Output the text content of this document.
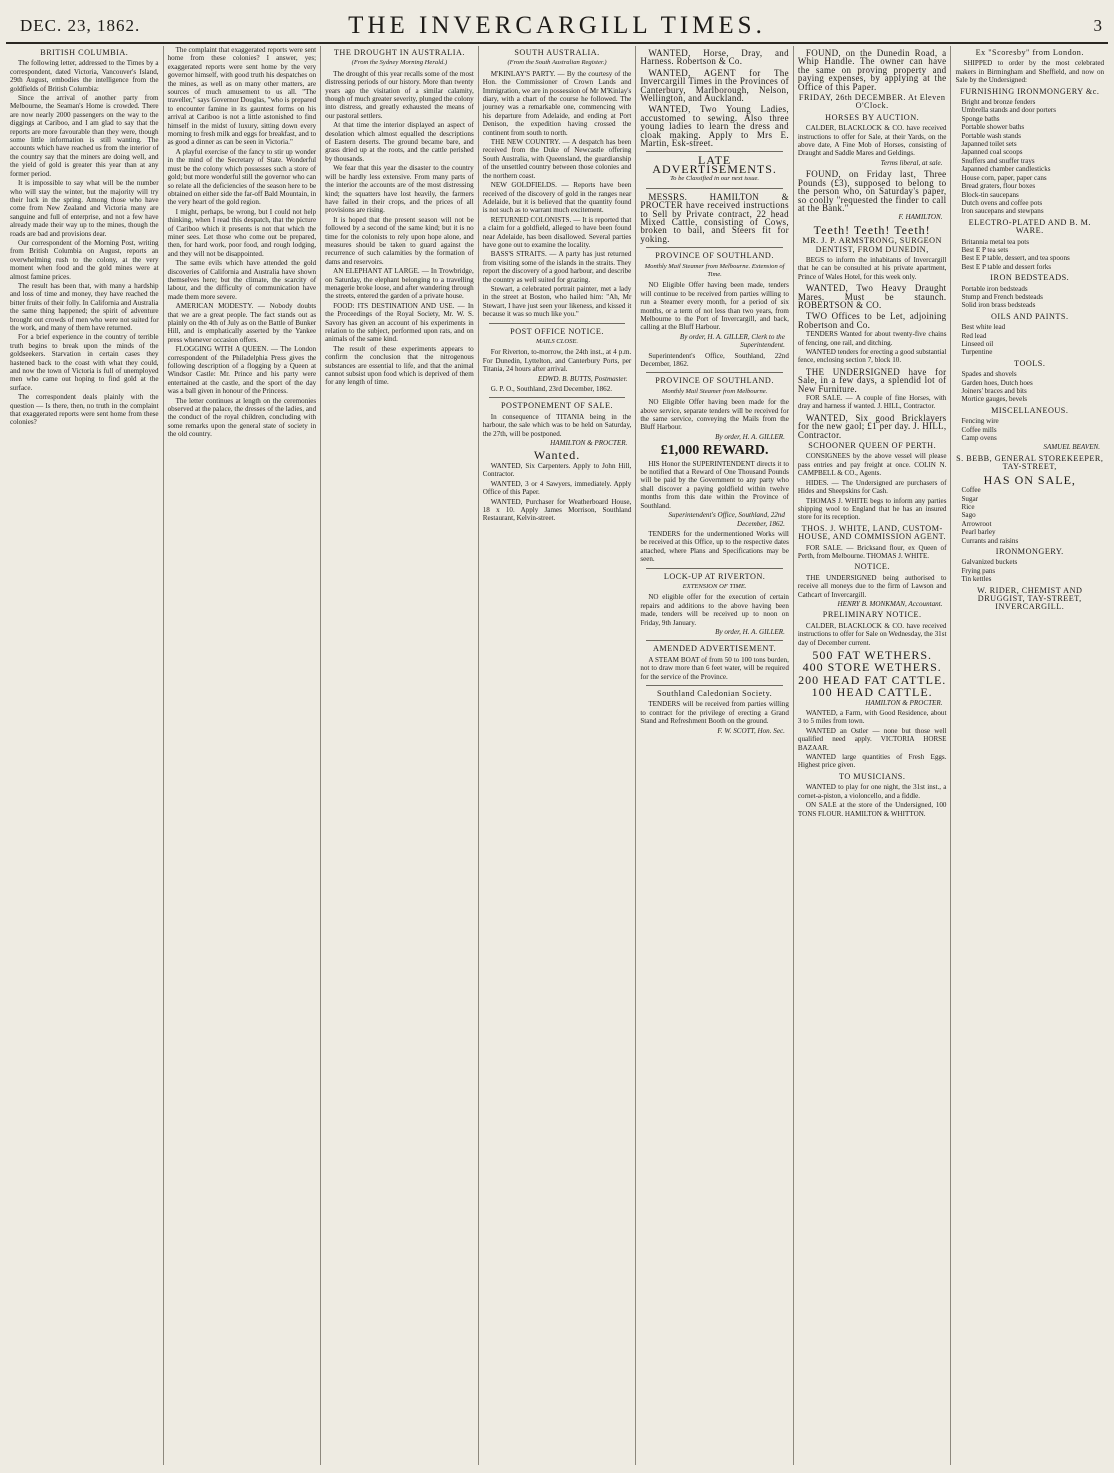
DEC. 23, 1862.	THE INVERCARGILL TIMES.	3
BRITISH COLUMBIA.
The following letter, addressed to the Times by a correspondent, dated Victoria, Vancouver's Island, 29th August, embodies the intelligence from the goldfields of British Columbia:
Since the arrival of another party from Melbourne, the Seaman's Home is crowded. There are now nearly 2000 passengers on the way to the diggings at Cariboo, and I am glad to say that the reports are more favourable than they were, though some little information is still wanting. The accounts which have reached us from the interior of the country say that the miners are doing well, and the yield of gold is greater this year than at any former period.
It is impossible to say what will be the number who will stay the winter, but the majority will try their luck in the spring. Among those who have come from New Zealand and Victoria many are sanguine and full of enterprise, and not a few have already made their way up to the mines, though the roads are bad and provisions dear.
Our correspondent of the Morning Post, writing from British Columbia on August, reports an overwhelming rush to the colony, at the very moment when food and the gold mines were at almost famine prices.
The result has been that, with many a hardship and loss of time and money, they have reached the bitter fruits of their folly. In California and Australia the same thing happened; the spirit of adventure brought out crowds of men who were not suited for the work, and many of them have returned.
For a brief experience in the country of terrible truth begins to break upon the minds of the goldseekers. Starvation in certain cases they hastened back to the coast with what they could, and now the town of Victoria is full of unemployed men who came out hoping to find gold at the surface.
The correspondent deals plainly with the question — Is there, then, no truth in the complaint that exaggerated reports were sent home from these colonies?
The complaint that exaggerated reports were sent home from these colonies? I answer, yes; exaggerated reports were sent home by the very governor himself, with good truth his despatches on the mines, as well as on many other matters, are sources of much amusement to us all. "The traveller," says Governor Douglas, "who is prepared to encounter famine in its gauntest forms on his arrival at Cariboo is not a little astonished to find himself in the midst of luxury, sitting down every morning to fresh milk and eggs for breakfast, and to as good a dinner as can be seen in Victoria."
A playful exercise of the fancy to stir up wonder in the mind of the Secretary of State. Wonderful must be the colony which possesses such a store of gold; but more wonderful still the governor who can so relate all the deficiencies of the season here to be obtained on either side the far-off Bald Mountain, in the very heart of the gold region.
I might, perhaps, be wrong, but I could not help thinking, when I read this despatch, that the picture of Cariboo which it presents is not that which the miner sees. Let those who come out be prepared, then, for hard work, poor food, and rough lodging, and they will not be disappointed.
The same evils which have attended the gold discoveries of California and Australia have shown themselves here; but the climate, the scarcity of labour, and the difficulty of communication have made them more severe.
AMERICAN MODESTY. — Nobody doubts that we are a great people. The fact stands out as plainly on the 4th of July as on the Battle of Bunker Hill, and is emphatically asserted by the Yankee press whenever occasion offers.
FLOGGING WITH A QUEEN. — The London correspondent of the Philadelphia Press gives the following description of a flogging by a Queen at Windsor Castle: Mr. Prince and his party were entertained at the castle, and the sport of the day was a ball given in honour of the Princess.
The letter continues at length on the ceremonies observed at the palace, the dresses of the ladies, and the conduct of the royal children, concluding with some remarks upon the general state of society in the old country.
THE DROUGHT IN AUSTRALIA.
(From the Sydney Morning Herald.)
The drought of this year recalls some of the most distressing periods of our history. More than twenty years ago the visitation of a similar calamity, though of much greater severity, plunged the colony into distress, and greatly exhausted the means of our pastoral settlers.
At that time the interior displayed an aspect of desolation which almost equalled the descriptions of Eastern deserts. The ground became bare, and grass dried up at the roots, and the cattle perished by thousands.
We fear that this year the disaster to the country will be hardly less extensive. From many parts of the interior the accounts are of the most distressing kind; the squatters have lost heavily, the farmers have failed in their crops, and the prices of all provisions are rising.
It is hoped that the present season will not be followed by a second of the same kind; but it is no time for the colonists to rely upon hope alone, and measures should be taken to guard against the recurrence of such calamities by the formation of dams and reservoirs.
AN ELEPHANT AT LARGE. — In Trowbridge, on Saturday, the elephant belonging to a travelling menagerie broke loose, and after wandering through the streets, entered the garden of a private house.
FOOD: ITS DESTINATION AND USE. — In the Proceedings of the Royal Society, Mr. W. S. Savory has given an account of his experiments in relation to the subject, performed upon rats, and on animals of the same kind.
The result of these experiments appears to confirm the conclusion that the nitrogenous substances are essential to life, and that the animal cannot subsist upon food which is deprived of them for any length of time.
SOUTH AUSTRALIA.
(From the South Australian Register.)
M'KINLAY'S PARTY. — By the courtesy of the Hon. the Commissioner of Crown Lands and Immigration, we are in possession of Mr M'Kinlay's diary, with a chart of the course he followed. The journey was a remarkable one, commencing with his departure from Adelaide, and ending at Port Denison, the expedition having crossed the continent from south to north.
THE NEW COUNTRY. — A despatch has been received from the Duke of Newcastle offering South Australia, with Queensland, the guardianship of the unsettled country between those colonies and the northern coast.
NEW GOLDFIELDS. — Reports have been received of the discovery of gold in the ranges near Adelaide, but it is believed that the quantity found is not such as to warrant much excitement.
RETURNED COLONISTS. — It is reported that a claim for a goldfield, alleged to have been found near Adelaide, has been disallowed. Several parties have gone out to examine the locality.
BASS'S STRAITS. — A party has just returned from visiting some of the islands in the straits. They report the discovery of a good harbour, and describe the country as well suited for grazing.
Stewart, a celebrated portrait painter, met a lady in the street at Boston, who hailed him: "Ah, Mr Stewart, I have just seen your likeness, and kissed it because it was so much like you."
POST OFFICE NOTICE.
MAILS CLOSE.
For Riverton, to-morrow, the 24th inst., at 4 p.m. For Dunedin, Lyttelton, and Canterbury Ports, per Titania, 24 hours after arrival.
EDWD. B. BUTTS, Postmaster.
G. P. O., Southland, 23rd December, 1862.
POSTPONEMENT OF SALE.
In consequence of TITANIA being in the harbour, the sale which was to be held on Saturday, the 27th, will be postponed.
HAMILTON & PROCTER.
Wanted.
WANTED, Six Carpenters. Apply to John Hill, Contractor.
WANTED, 3 or 4 Sawyers, immediately. Apply Office of this Paper.
WANTED, Purchaser for Weatherboard House, 18 x 10. Apply James Morrison, Southland Restaurant, Kelvin-street.
WANTED, Horse, Dray, and Harness. Robertson & Co.
WANTED, AGENT for The Invercargill Times in the Provinces of Canterbury, Marlborough, Nelson, Wellington, and Auckland.
WANTED, Two Young Ladies, accustomed to sewing. Also three young ladies to learn the dress and cloak making. Apply to Mrs E. Martin, Esk-street.
LATE ADVERTISEMENTS.
To be Classified in our next issue.
MESSRS. HAMILTON & PROCTER have received instructions to Sell by Private contract, 22 head Mixed Cattle, consisting of Cows, broken to bail, and Steers fit for yoking.
PROVINCE OF SOUTHLAND.
Monthly Mail Steamer from Melbourne. Extension of Time.
NO Eligible Offer having been made, tenders will continue to be received from parties willing to run a Steamer every month, for a period of six months, or a term of not less than two years, from Melbourne to the Port of Invercargill, and back, calling at the Bluff Harbour.
By order, H. A. GILLER, Clerk to the Superintendent.
Superintendent's Office, Southland, 22nd December, 1862.
PROVINCE OF SOUTHLAND.
Monthly Mail Steamer from Melbourne.
NO Eligible Offer having been made for the above service, separate tenders will be received for the same service, conveying the Mails from the Bluff Harbour.
By order, H. A. GILLER.
£1,000 REWARD.
HIS Honor the SUPERINTENDENT directs it to be notified that a Reward of One Thousand Pounds will be paid by the Government to any party who shall discover a paying goldfield within twelve months from this date within the Province of Southland.
Superintendent's Office, Southland, 22nd December, 1862.
TENDERS for the undermentioned Works will be received at this Office, up to the respective dates attached, where Plans and Specifications may be seen.
LOCK-UP AT RIVERTON.
EXTENSION OF TIME.
NO eligible offer for the execution of certain repairs and additions to the above having been made, tenders will be received up to noon on Friday, 9th January.
By order, H. A. GILLER.
AMENDED ADVERTISEMENT.
A STEAM BOAT of from 50 to 100 tons burden, not to draw more than 6 feet water, will be required for the service of the Province.
Southland Caledonian Society.
TENDERS will be received from parties willing to contract for the privilege of erecting a Grand Stand and Refreshment Booth on the ground.
F. W. SCOTT, Hon. Sec.
FOUND, on the Dunedin Road, a Whip Handle. The owner can have the same on proving property and paying expenses, by applying at the Office of this Paper.
FRIDAY, 26th DECEMBER. At Eleven O'Clock.
HORSES BY AUCTION.
CALDER, BLACKLOCK & CO. have received instructions to offer for Sale, at their Yards, on the above date, A Fine Mob of Horses, consisting of Draught and Saddle Mares and Geldings.
Terms liberal, at sale.
FOUND, on Friday last, Three Pounds (£3), supposed to belong to the person who, on Saturday's paper, so coolly "requested the finder to call at the Bank."
F. HAMILTON.
Teeth! Teeth! Teeth!
MR. J. P. ARMSTRONG, SURGEON DENTIST, FROM DUNEDIN,
BEGS to inform the inhabitants of Invercargill that he can be consulted at his private apartment, Prince of Wales Hotel, for this week only.
WANTED, Two Heavy Draught Mares. Must be staunch. ROBERTSON & CO.
TWO Offices to be Let, adjoining Robertson and Co.
TENDERS Wanted for about twenty-five chains of fencing, one rail, and ditching.
WANTED tenders for erecting a good substantial fence, enclosing section 7, block 10.
THE UNDERSIGNED have for Sale, in a few days, a splendid lot of New Furniture.
FOR SALE. — A couple of fine Horses, with dray and harness if wanted. J. HILL, Contractor.
WANTED, Six good Bricklayers for the new gaol; £1 per day. J. HILL, Contractor.
SCHOONER QUEEN OF PERTH.
CONSIGNEES by the above vessel will please pass entries and pay freight at once. COLIN N. CAMPBELL & CO., Agents.
HIDES. — The Undersigned are purchasers of Hides and Sheepskins for Cash.
THOMAS J. WHITE begs to inform any parties shipping wool to England that he has an insured store for its reception.
THOS. J. WHITE, LAND, CUSTOM-HOUSE, AND COMMISSION AGENT.
FOR SALE. — Bricksand flour, ex Queen of Perth, from Melbourne. THOMAS J. WHITE.
NOTICE.
THE UNDERSIGNED being authorised to receive all moneys due to the firm of Lawson and Cathcart of Invercargill.
HENRY B. MONKMAN, Accountant.
PRELIMINARY NOTICE.
CALDER, BLACKLOCK & CO. have received instructions to offer for Sale on Wednesday, the 31st day of December current.
500 FAT WETHERS.
400 STORE WETHERS.
200 HEAD FAT CATTLE.
100 HEAD CATTLE.
HAMILTON & PROCTER.
WANTED, a Farm, with Good Residence, about 3 to 5 miles from town.
WANTED an Ostler — none but those well qualified need apply. VICTORIA HORSE BAZAAR.
WANTED large quantities of Fresh Eggs. Highest price given.
TO MUSICIANS.
WANTED to play for one night, the 31st inst., a cornet-a-piston, a violoncello, and a fiddle.
ON SALE at the store of the Undersigned, 100 TONS FLOUR. HAMILTON & WHITTON.
Ex "Scoresby" from London.
SHIPPED to order by the most celebrated makers in Birmingham and Sheffield, and now on Sale by the Undersigned:
FURNISHING IRONMONGERY &c.
Bright and bronze fenders
Umbrella stands and door porters
Sponge baths
Portable shower baths
Portable wash stands
Japanned toilet sets
Japanned coal scoops
Snuffers and snuffer trays
Japanned chamber candlesticks
House corn, paper, paper cans
Bread graters, flour boxes
Block-tin saucepans
Dutch ovens and coffee pots
Iron saucepans and stewpans
ELECTRO-PLATED AND B. M. WARE.
Britannia metal tea pots
Best E P tea sets
Best E P table, dessert, and tea spoons
Best E P table and dessert forks
IRON BEDSTEADS.
Portable iron bedsteads
Stump and French bedsteads
Solid iron brass bedsteads
OILS AND PAINTS.
Best white lead
Red lead
Linseed oil
Turpentine
TOOLS.
Spades and shovels
Garden hoes, Dutch hoes
Joiners' braces and bits
Mortice gauges, bevels
MISCELLANEOUS.
Fencing wire
Coffee mills
Camp ovens
SAMUEL BEAVEN.
S. BEBB, GENERAL STOREKEEPER, TAY-STREET,
HAS ON SALE,
Coffee
Sugar
Rice
Sago
Arrowroot
Pearl barley
Currants and raisins
IRONMONGERY.
Galvanized buckets
Frying pans
Tin kettles
W. RIDER, CHEMIST AND DRUGGIST, TAY-STREET, INVERCARGILL.
